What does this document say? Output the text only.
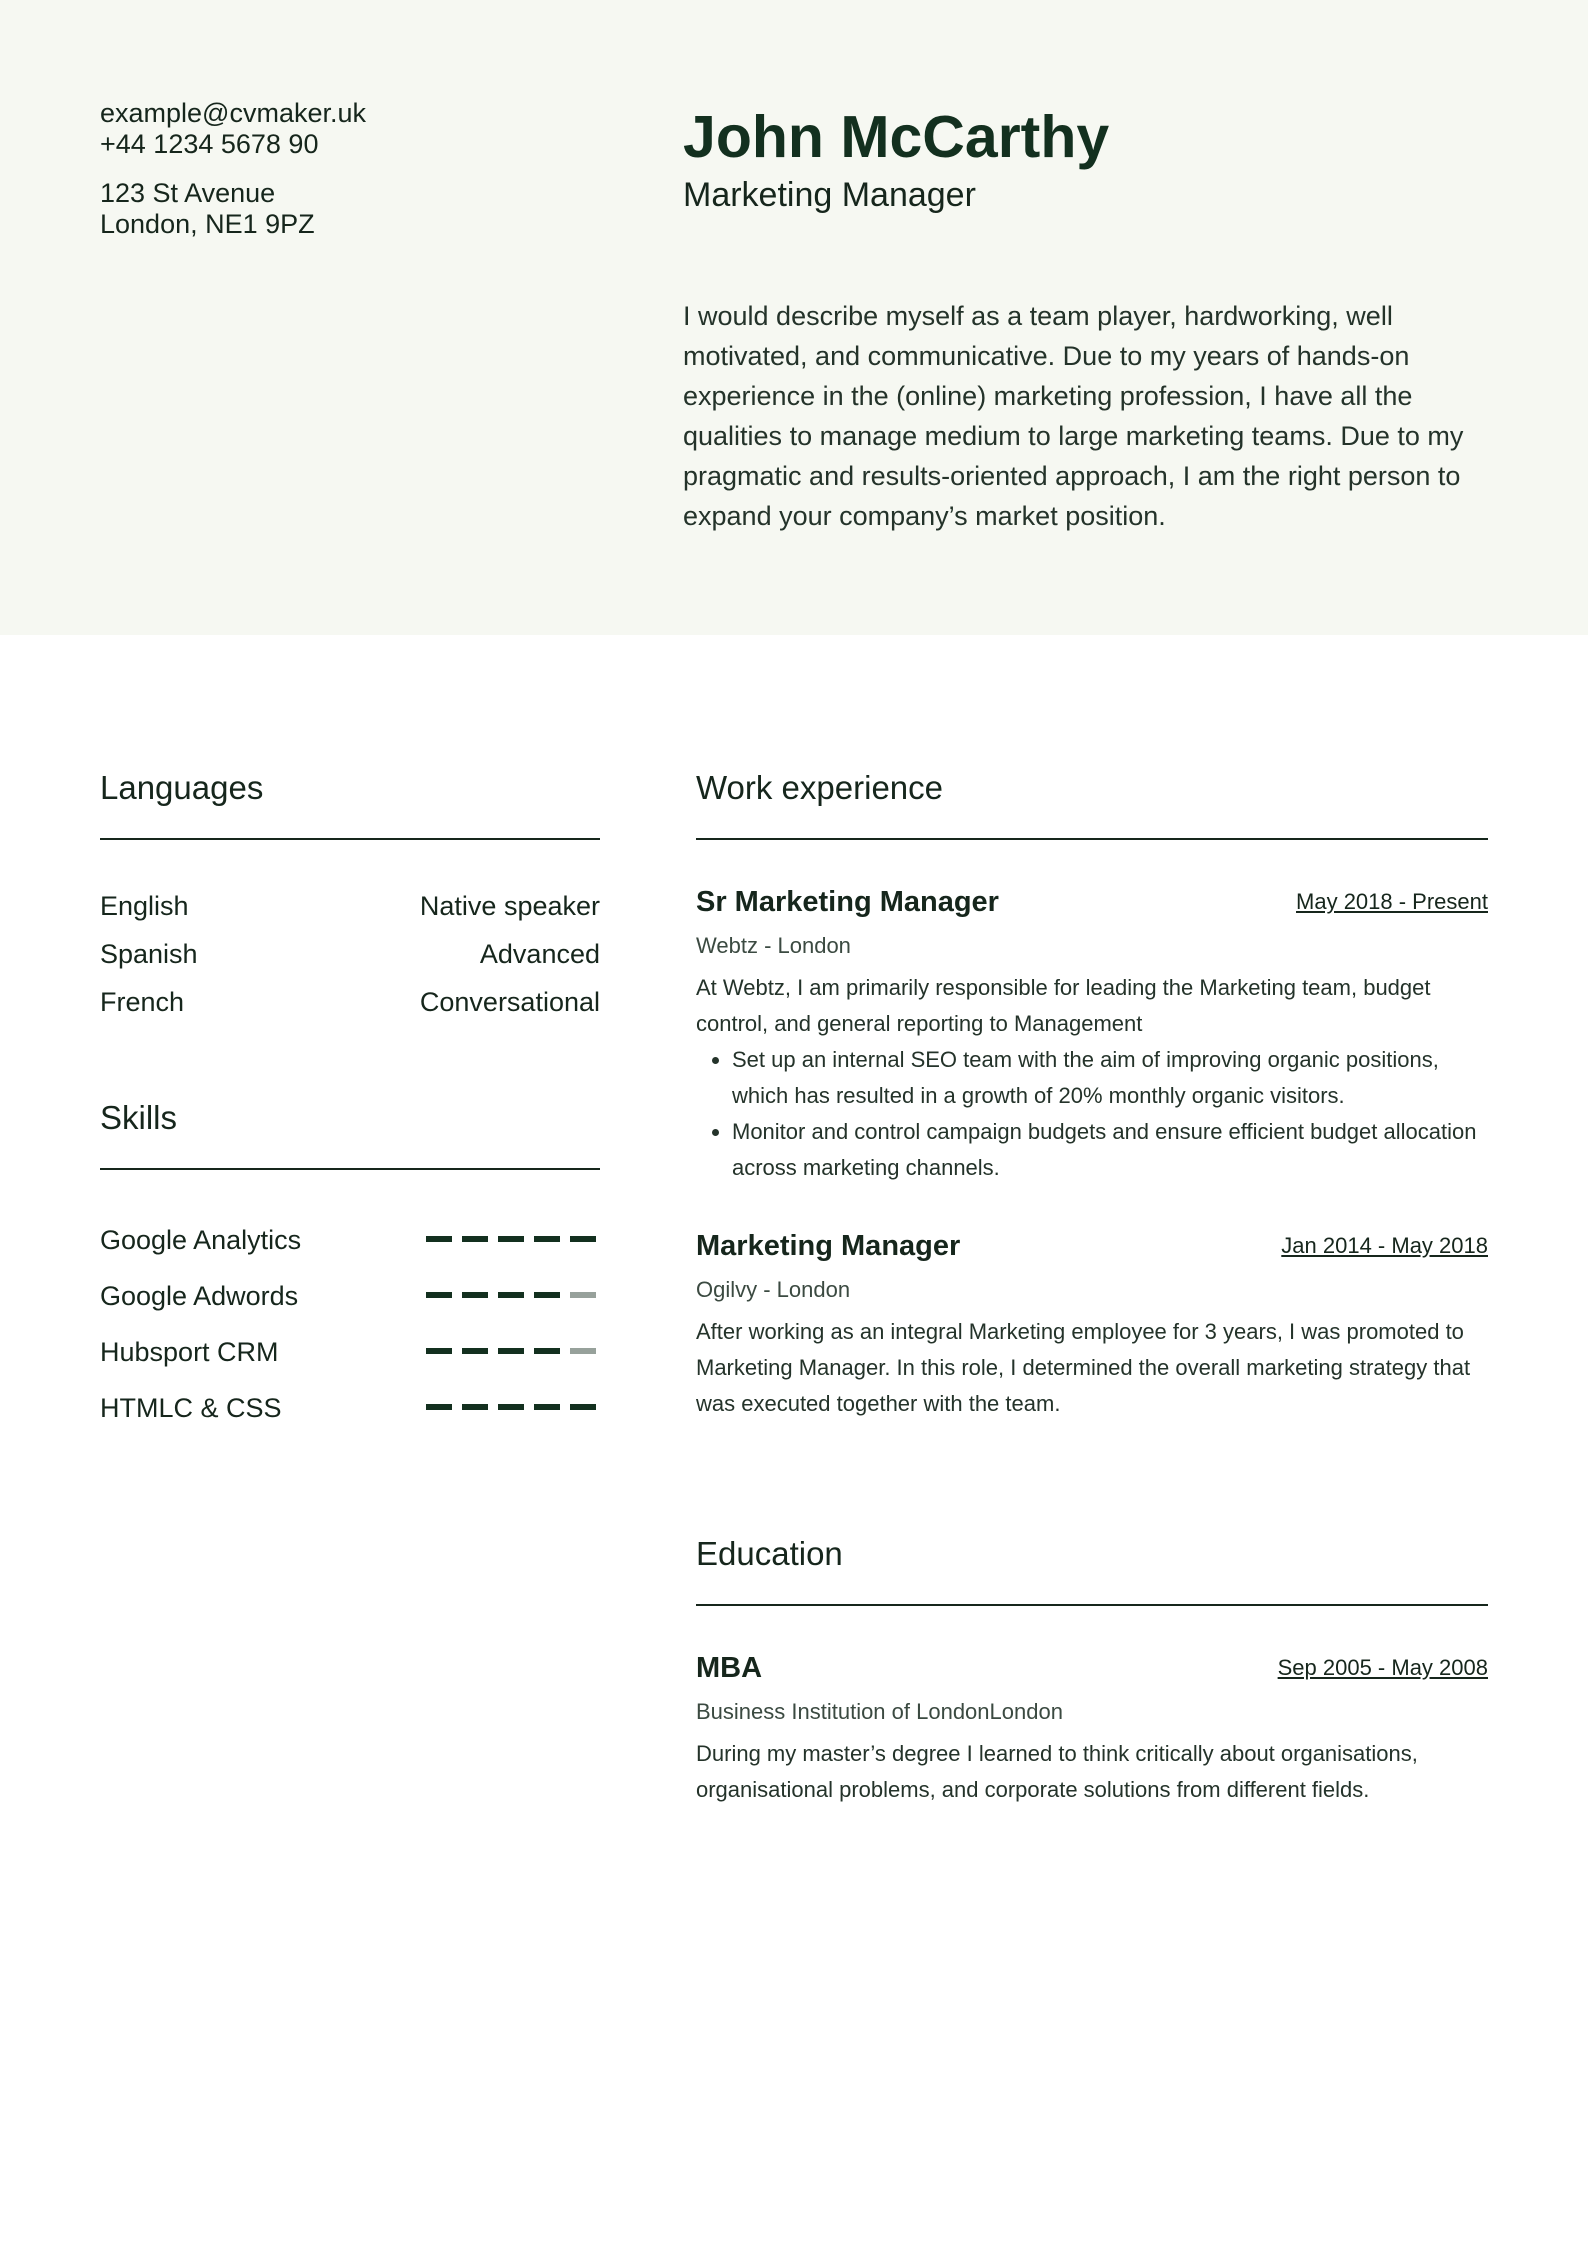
example@cvmaker.uk
+44 1234 5678 90
123 St Avenue
London, NE1 9PZ
John McCarthy
Marketing Manager
I would describe myself as a team player, hardworking, well motivated, and communicative. Due to my years of hands-on experience in the (online) marketing profession, I have all the qualities to manage medium to large marketing teams. Due to my pragmatic and results-oriented approach, I am the right person to expand your company’s market position.
Languages
English	Native speaker
Spanish	Advanced
French	Conversational
Skills
Google Analytics
Google Adwords
Hubsport CRM
HTMLC & CSS
Work experience
Sr Marketing Manager	May 2018 - Present
Webtz - London
At Webtz, I am primarily responsible for leading the Marketing team, budget control, and general reporting to Management
• Set up an internal SEO team with the aim of improving organic positions, which has resulted in a growth of 20% monthly organic visitors.
• Monitor and control campaign budgets and ensure efficient budget allocation across marketing channels.
Marketing Manager	Jan 2014 - May 2018
Ogilvy - London
After working as an integral Marketing employee for 3 years, I was promoted to Marketing Manager. In this role, I determined the overall marketing strategy that was executed together with the team.
Education
MBA	Sep 2005 - May 2008
Business Institution of LondonLondon
During my master’s degree I learned to think critically about organisations, organisational problems, and corporate solutions from different fields.
